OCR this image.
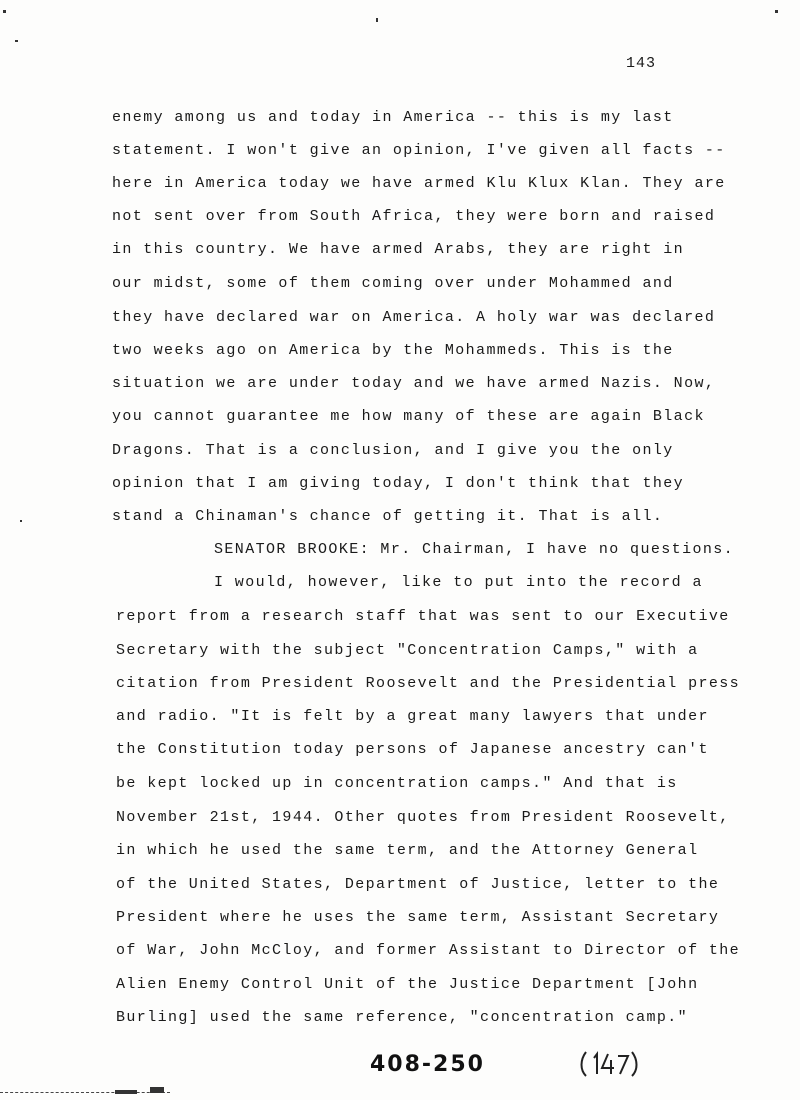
143
enemy among us and today in America -- this is my last
statement. I won't give an opinion, I've given all facts --
here in America today we have armed Klu Klux Klan. They are
not sent over from South Africa, they were born and raised
in this country. We have armed Arabs, they are right in
our midst, some of them coming over under Mohammed and
they have declared war on America. A holy war was declared
two weeks ago on America by the Mohammeds. This is the
situation we are under today and we have armed Nazis. Now,
you cannot guarantee me how many of these are again Black
Dragons. That is a conclusion, and I give you the only
opinion that I am giving today, I don't think that they
stand a Chinaman's chance of getting it. That is all.
SENATOR BROOKE: Mr. Chairman, I have no questions.
I would, however, like to put into the record a
report from a research staff that was sent to our Executive
Secretary with the subject "Concentration Camps," with a
citation from President Roosevelt and the Presidential press
and radio. "It is felt by a great many lawyers that under
the Constitution today persons of Japanese ancestry can't
be kept locked up in concentration camps." And that is
November 21st, 1944. Other quotes from President Roosevelt,
in which he used the same term, and the Attorney General
of the United States, Department of Justice, letter to the
President where he uses the same term, Assistant Secretary
of War, John McCloy, and former Assistant to Director of the
Alien Enemy Control Unit of the Justice Department [John
Burling] used the same reference, "concentration camp."
408-250
